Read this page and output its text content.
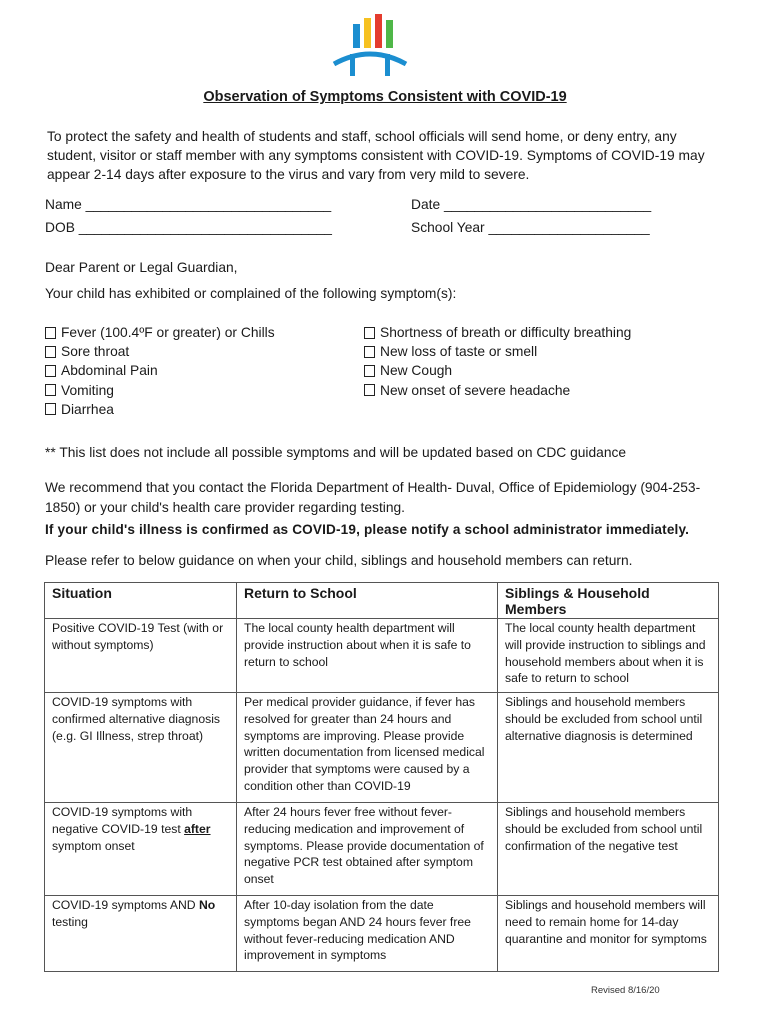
Observation of Symptoms Consistent with COVID-19
To protect the safety and health of students and staff, school officials will send home, or deny entry, any student, visitor or staff member with any symptoms consistent with COVID-19. Symptoms of COVID-19 may appear 2-14 days after exposure to the virus and vary from very mild to severe.
Name ________________________________	Date ___________________________
DOB _________________________________	School Year _____________________
Dear Parent or Legal Guardian,
Your child has exhibited or complained of the following symptom(s):
Fever (100.4ºF or greater) or Chills
Sore throat
Abdominal Pain
Vomiting
Diarrhea
Shortness of breath or difficulty breathing
New loss of taste or smell
New Cough
New onset of severe headache
** This list does not include all possible symptoms and will be updated based on CDC guidance
We recommend that you contact the Florida Department of Health- Duval, Office of Epidemiology (904-253-1850) or your child's health care provider regarding testing.
If your child's illness is confirmed as COVID-19, please notify a school administrator immediately.
Please refer to below guidance on when your child, siblings and household members can return.
Situation	Return to School	Siblings & Household Members
Positive COVID-19 Test (with or without symptoms)	The local county health department will provide instruction about when it is safe to return to school	The local county health department will provide instruction to siblings and household members about when it is safe to return to school
COVID-19 symptoms with confirmed alternative diagnosis (e.g. GI Illness, strep throat)	Per medical provider guidance, if fever has resolved for greater than 24 hours and symptoms are improving. Please provide written documentation from licensed medical provider that symptoms were caused by a condition other than COVID-19	Siblings and household members should be excluded from school until alternative diagnosis is determined
COVID-19 symptoms with negative COVID-19 test after symptom onset	After 24 hours fever free without fever-reducing medication and improvement of symptoms. Please provide documentation of negative PCR test obtained after symptom onset	Siblings and household members should be excluded from school until confirmation of the negative test
COVID-19 symptoms AND No testing	After 10-day isolation from the date symptoms began AND 24 hours fever free without fever-reducing medication AND improvement in symptoms	Siblings and household members will need to remain home for 14-day quarantine and monitor for symptoms
Revised 8/16/20
